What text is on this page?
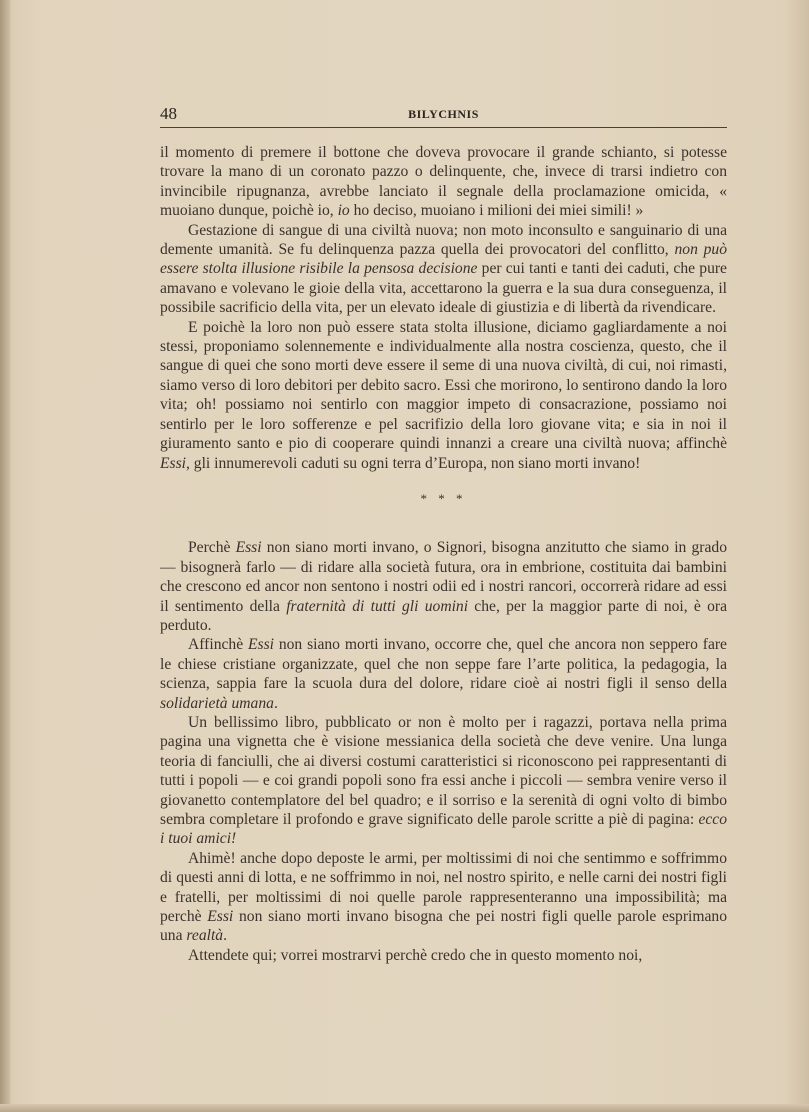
48	BILYCHNIS

il momento di premere il bottone che doveva provocare il grande schianto, si potesse trovare la mano di un coronato pazzo o delinquente, che, invece di trarsi indietro con invincibile ripugnanza, avrebbe lanciato il segnale della proclamazione omicida, « muoiano dunque, poichè io, io ho deciso, muoiano i milioni dei miei simili! »

Gestazione di sangue di una civiltà nuova; non moto inconsulto e sanguinario di una demente umanità. Se fu delinquenza pazza quella dei provocatori del conflitto, non può essere stolta illusione risibile la pensosa decisione per cui tanti e tanti dei caduti, che pure amavano e volevano le gioie della vita, accettarono la guerra e la sua dura conseguenza, il possibile sacrificio della vita, per un elevato ideale di giustizia e di libertà da rivendicare.

E poichè la loro non può essere stata stolta illusione, diciamo gagliardamente a noi stessi, proponiamo solennemente e individualmente alla nostra coscienza, questo, che il sangue di quei che sono morti deve essere il seme di una nuova civiltà, di cui, noi rimasti, siamo verso di loro debitori per debito sacro. Essi che morirono, lo sentirono dando la loro vita; oh! possiamo noi sentirlo con maggior impeto di consacrazione, possiamo noi sentirlo per le loro sofferenze e pel sacrifizio della loro giovane vita; e sia in noi il giuramento santo e pio di cooperare quindi innanzi a creare una civiltà nuova; affinchè Essi, gli innumerevoli caduti su ogni terra d’Europa, non siano morti invano!

* * *

Perchè Essi non siano morti invano, o Signori, bisogna anzitutto che siamo in grado — bisognerà farlo — di ridare alla società futura, ora in embrione, costituita dai bambini che crescono ed ancor non sentono i nostri odii ed i nostri rancori, occorrerà ridare ad essi il sentimento della fraternità di tutti gli uomini che, per la maggior parte di noi, è ora perduto.

Affinchè Essi non siano morti invano, occorre che, quel che ancora non seppero fare le chiese cristiane organizzate, quel che non seppe fare l’arte politica, la pedagogia, la scienza, sappia fare la scuola dura del dolore, ridare cioè ai nostri figli il senso della solidarietà umana.

Un bellissimo libro, pubblicato or non è molto per i ragazzi, portava nella prima pagina una vignetta che è visione messianica della società che deve venire. Una lunga teoria di fanciulli, che ai diversi costumi caratteristici si riconoscono pei rappresentanti di tutti i popoli — e coi grandi popoli sono fra essi anche i piccoli — sembra venire verso il giovanetto contemplatore del bel quadro; e il sorriso e la serenità di ogni volto di bimbo sembra completare il profondo e grave significato delle parole scritte a piè di pagina: ecco i tuoi amici!

Ahimè! anche dopo deposte le armi, per moltissimi di noi che sentimmo e soffrimmo di questi anni di lotta, e ne soffrimmo in noi, nel nostro spirito, e nelle carni dei nostri figli e fratelli, per moltissimi di noi quelle parole rappresenteranno una impossibilità; ma perchè Essi non siano morti invano bisogna che pei nostri figli quelle parole esprimano una realtà.

Attendete qui; vorrei mostrarvi perchè credo che in questo momento noi,
